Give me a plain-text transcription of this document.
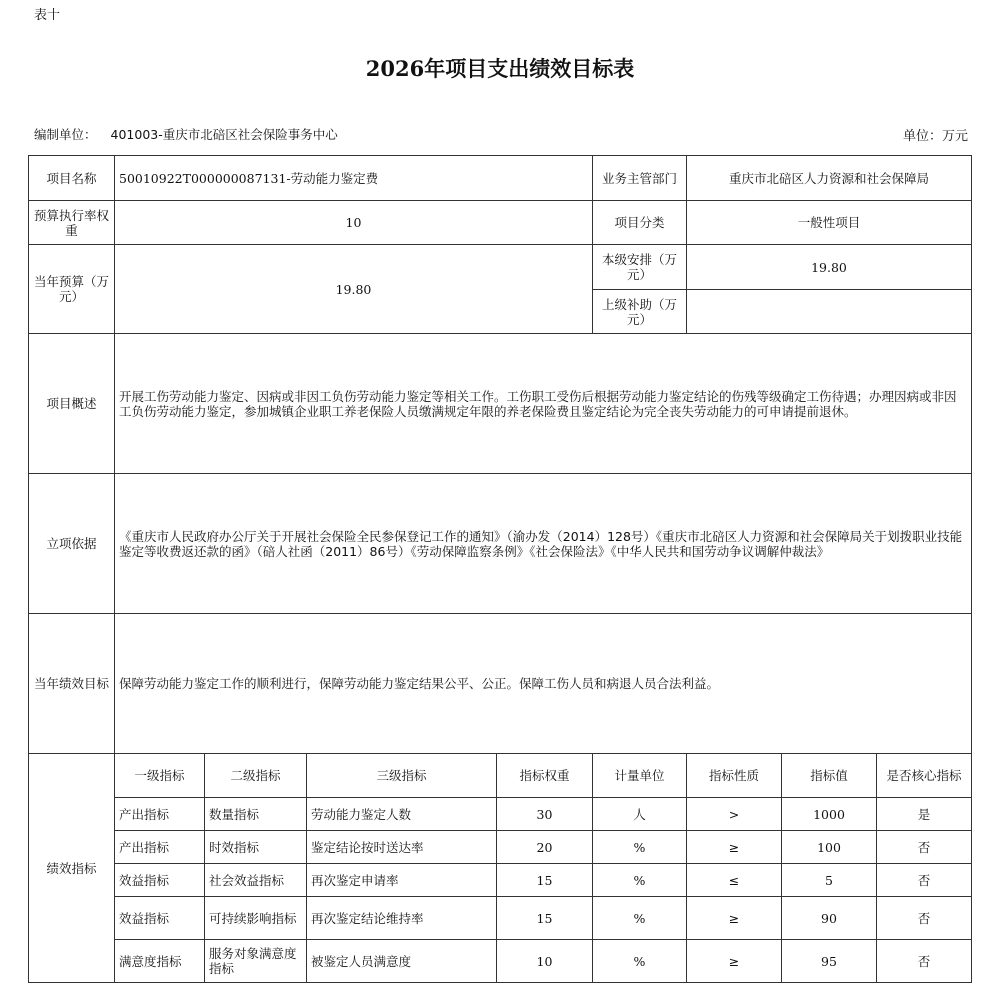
表十
2026年项目支出绩效目标表
编制单位： 401003-重庆市北碚区社会保险事务中心	单位：万元
项目名称	50010922T000000087131-劳动能力鉴定费				业务主管部门	重庆市北碚区人力资源和社会保障局		
预算执行率权重	10				项目分类	一般性项目		
当年预算（万元）	19.80				本级安排（万元）	19.80		
					上级补助（万元）			
项目概述	开展工伤劳动能力鉴定、因病或非因工负伤劳动能力鉴定等相关工作。工伤职工受伤后根据劳动能力鉴定结论的伤残等级确定工伤待遇；办理因病或非因工负伤劳动能力鉴定，参加城镇企业职工养老保险人员缴满规定年限的养老保险费且鉴定结论为完全丧失劳动能力的可申请提前退休。							
立项依据	《重庆市人民政府办公厅关于开展社会保险全民参保登记工作的通知》（渝办发（2014）128号）《重庆市北碚区人力资源和社会保障局关于划拨职业技能鉴定等收费返还款的函》（碚人社函（2011）86号）《劳动保障监察条例》《社会保险法》《中华人民共和国劳动争议调解仲裁法》							
当年绩效目标	保障劳动能力鉴定工作的顺利进行，保障劳动能力鉴定结果公平、公正。保障工伤人员和病退人员合法利益。							
绩效指标	一级指标	二级指标	三级指标	指标权重	计量单位	指标性质	指标值	是否核心指标
	产出指标	数量指标	劳动能力鉴定人数	30	人	>	1000	是
	产出指标	时效指标	鉴定结论按时送达率	20	%	≥	100	否
	效益指标	社会效益指标	再次鉴定申请率	15	%	≤	5	否
	效益指标	可持续影响指标	再次鉴定结论维持率	15	%	≥	90	否
	满意度指标	服务对象满意度指标	被鉴定人员满意度	10	%	≥	95	否
